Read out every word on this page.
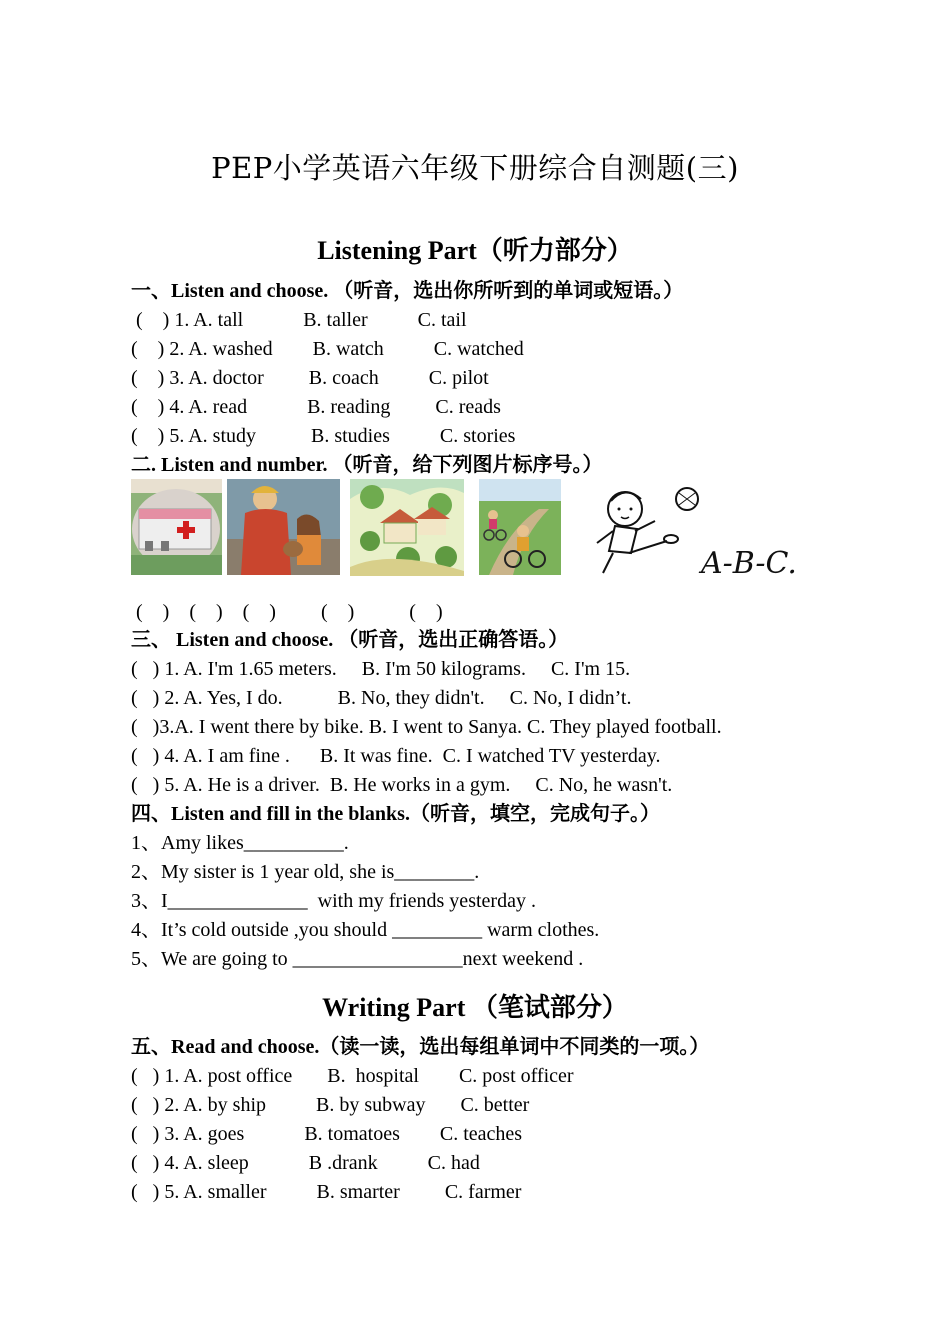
PEP小学英语六年级下册综合自测题(三)
Listening Part（听力部分）
一、Listen and choose. （听音，选出你所听到的单词或短语。）
(    ) 1. A. tall            B. taller          C. tail
(    ) 2. A. washed        B. watch          C. watched
(    ) 3. A. doctor         B. coach          C. pilot
(    ) 4. A. read            B. reading         C. reads
(    ) 5. A. study           B. studies          C. stories
二. Listen and number. （听音，给下列图片标序号。）
A-B-C.
(    )    (    )    (    )         (    )           (    )
三、 Listen and choose. （听音，选出正确答语。）
(   ) 1. A. I'm 1.65 meters.     B. I'm 50 kilograms.     C. I'm 15.
(   ) 2. A. Yes, I do.           B. No, they didn't.     C. No, I didn’t.
(   )3.A. I went there by bike. B. I went to Sanya. C. They played football.
(   ) 4. A. I am fine .      B. It was fine.  C. I watched TV yesterday.
(   ) 5. A. He is a driver.  B. He works in a gym.     C. No, he wasn't.
四、Listen and fill in the blanks.（听音，填空，完成句子。）
1、Amy likes__________.
2、My sister is 1 year old, she is________.
3、I______________  with my friends yesterday .
4、It’s cold outside ,you should _________ warm clothes.
5、We are going to _________________next weekend .
Writing Part （笔试部分）
五、Read and choose.（读一读，选出每组单词中不同类的一项。）
(   ) 1. A. post office       B.  hospital        C. post officer
(   ) 2. A. by ship          B. by subway       C. better
(   ) 3. A. goes            B. tomatoes        C. teaches
(   ) 4. A. sleep            B .drank          C. had
(   ) 5. A. smaller          B. smarter         C. farmer
